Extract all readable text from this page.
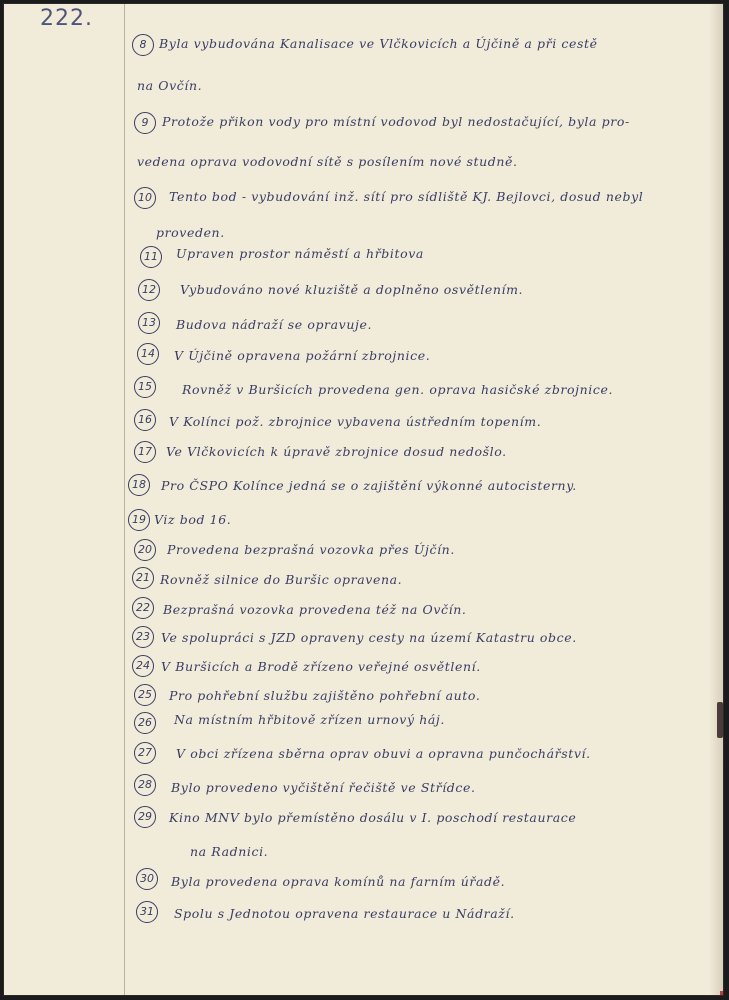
222.
8	Byla vybudována Kanalisace ve Vlčkovicích a Újčině a při cestě
na Ovčín.
9	Protože přikon vody pro místní vodovod byl nedostačující, byla pro-
vedena oprava vodovodní sítě s posílením nové studně.
10	Tento bod - vybudování inž. sítí pro sídliště KJ. Bejlovci, dosud nebyl
proveden.
11	Upraven prostor náměstí a hřbitova
12	Vybudováno nové kluziště a doplněno osvětlením.
13	Budova nádraží se opravuje.
14	V Újčině opravena požární zbrojnice.
15	Rovněž v Buršicích provedena gen. oprava hasičské zbrojnice.
16	V Kolínci pož. zbrojnice vybavena ústředním topením.
17	Ve Vlčkovicích k úpravě zbrojnice dosud nedošlo.
18	Pro ČSPO Kolínce jedná se o zajištění výkonné autocisterny.
19 Viz bod 16.
20	Provedena bezprašná vozovka přes Újčín.
21 Rovněž silnice do Buršic opravena.
22	Bezprašná vozovka provedena též na Ovčín.
23 Ve spolupráci s JZD opraveny cesty na území Katastru obce.
24 V Buršicích a Brodě zřízeno veřejné osvětlení.
25	Pro pohřební službu zajištěno pohřební auto.
26	Na místním hřbitově zřízen urnový háj.
27	V obci zřízena sběrna oprav obuvi a opravna punčochářství.
28	Bylo provedeno vyčištění řečiště ve Střídce.
29	Kino MNV bylo přemístěno dosálu v I. poschodí restaurace
na Radnici.
30	Byla provedena oprava komínů na farním úřadě.
31	Spolu s Jednotou opravena restaurace u Nádraží.
